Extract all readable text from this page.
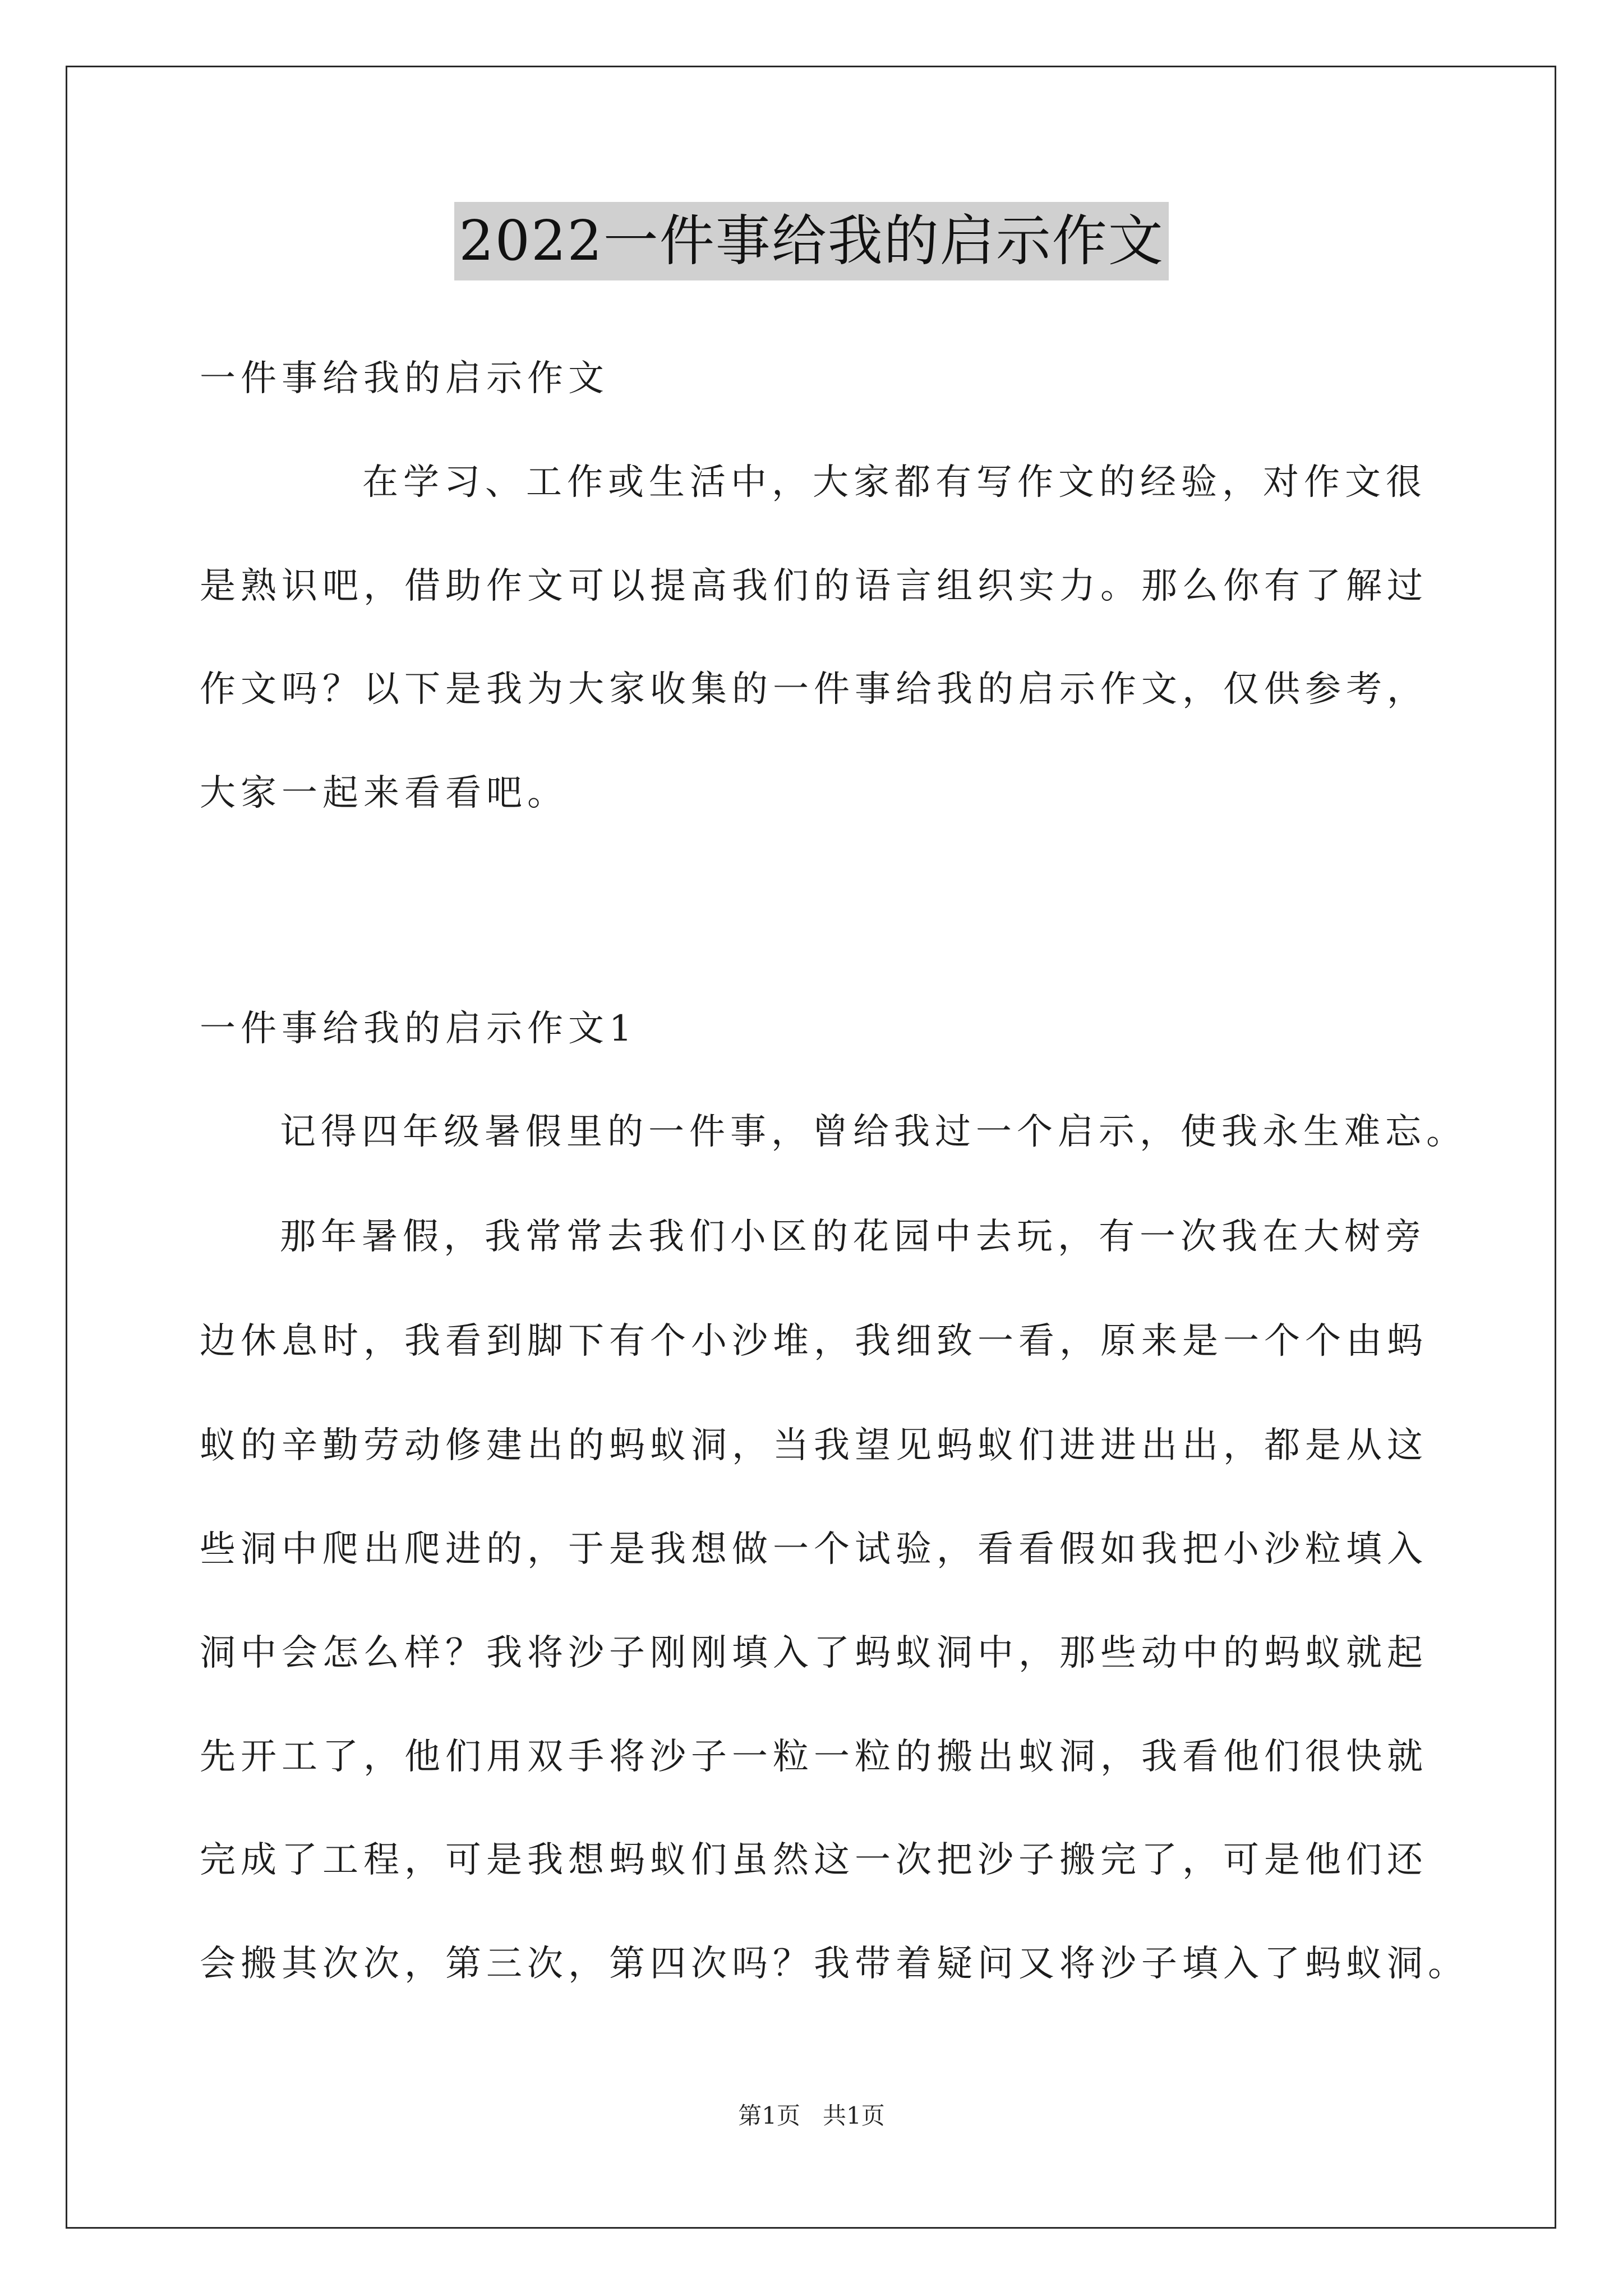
2022一件事给我的启示作文
一件事给我的启示作文
在学习、工作或生活中，大家都有写作文的经验，对作文很
是熟识吧，借助作文可以提高我们的语言组织实力。那么你有了解过
作文吗？以下是我为大家收集的一件事给我的启示作文，仅供参考，
大家一起来看看吧。
一件事给我的启示作文1
记得四年级暑假里的一件事，曾给我过一个启示，使我永生难忘。
那年暑假，我常常去我们小区的花园中去玩，有一次我在大树旁
边休息时，我看到脚下有个小沙堆，我细致一看，原来是一个个由蚂
蚁的辛勤劳动修建出的蚂蚁洞，当我望见蚂蚁们进进出出，都是从这
些洞中爬出爬进的，于是我想做一个试验，看看假如我把小沙粒填入
洞中会怎么样？我将沙子刚刚填入了蚂蚁洞中，那些动中的蚂蚁就起
先开工了，他们用双手将沙子一粒一粒的搬出蚁洞，我看他们很快就
完成了工程，可是我想蚂蚁们虽然这一次把沙子搬完了，可是他们还
会搬其次次，第三次，第四次吗？我带着疑问又将沙子填入了蚂蚁洞。
第1页   共1页
